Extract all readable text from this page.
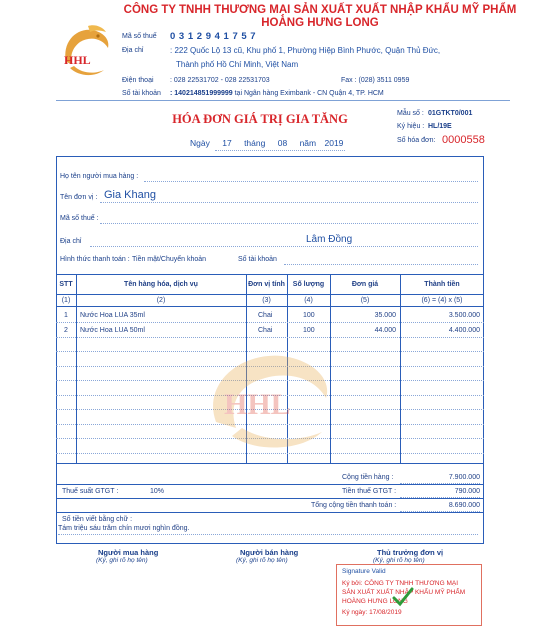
CÔNG TY TNHH THƯƠNG MẠI SẢN XUẤT XUẤT NHẬP KHẨU MỸ PHẨM
HOÀNG HƯNG LONG
HHL
Mã số thuế 0 3 1 2 9 4 1 7 5 7
Địa chỉ	: 222 Quốc Lộ 13 cũ, Khu phố 1, Phường Hiệp Bình Phước, Quận Thủ Đức,
Thành phố Hồ Chí Minh, Việt Nam
Điện thoại : 028 22531702 - 028 22531703	Fax : (028) 3511 0959
Số tài khoản : 140214851999999 tại Ngân hàng Eximbank - CN Quận 4, TP. HCM
HÓA ĐƠN GIÁ TRỊ GIA TĂNG
Ngày 17 tháng 08 năm 2019
Mẫu số : 01GTKT0/001
Ký hiệu : HL/19E
Số hóa đơn: 0000558
Họ tên người mua hàng :
Tên đơn vị : Gia Khang
Mã số thuế :
Địa chỉ	Lâm Đồng
Hình thức thanh toán : Tiền mặt/Chuyển khoản	Số tài khoản
STT	Tên hàng hóa, dịch vụ	Đơn vị tính	Số lượng	Đơn giá	Thành tiền
(1)	(2)	(3)	(4)	(5)	(6) = (4) x (5)
1	Nước Hoa LUA 35ml	Chai	100	35.000	3.500.000
2	Nước Hoa LUA 50ml	Chai	100	44.000	4.400.000
HHL
Cộng tiền hàng :	7.900.000
Thuế suất GTGT :	10%	Tiền thuế GTGT :	790.000
Tổng cộng tiền thanh toán :	8.690.000
Số tiền viết bằng chữ :
Tám triệu sáu trăm chín mươi nghìn đồng.
Người mua hàng
(Ký, ghi rõ họ tên)
Người bán hàng
(Ký, ghi rõ họ tên)
Thủ trưởng đơn vị
(Ký, ghi rõ họ tên)
Signature Valid
Ký bởi: CÔNG TY TNHH THƯƠNG MẠI
SẢN XUẤT XUẤT NHẬP KHẨU MỸ PHẨM
HOÀNG HƯNG LONG
Ký ngày: 17/08/2019
